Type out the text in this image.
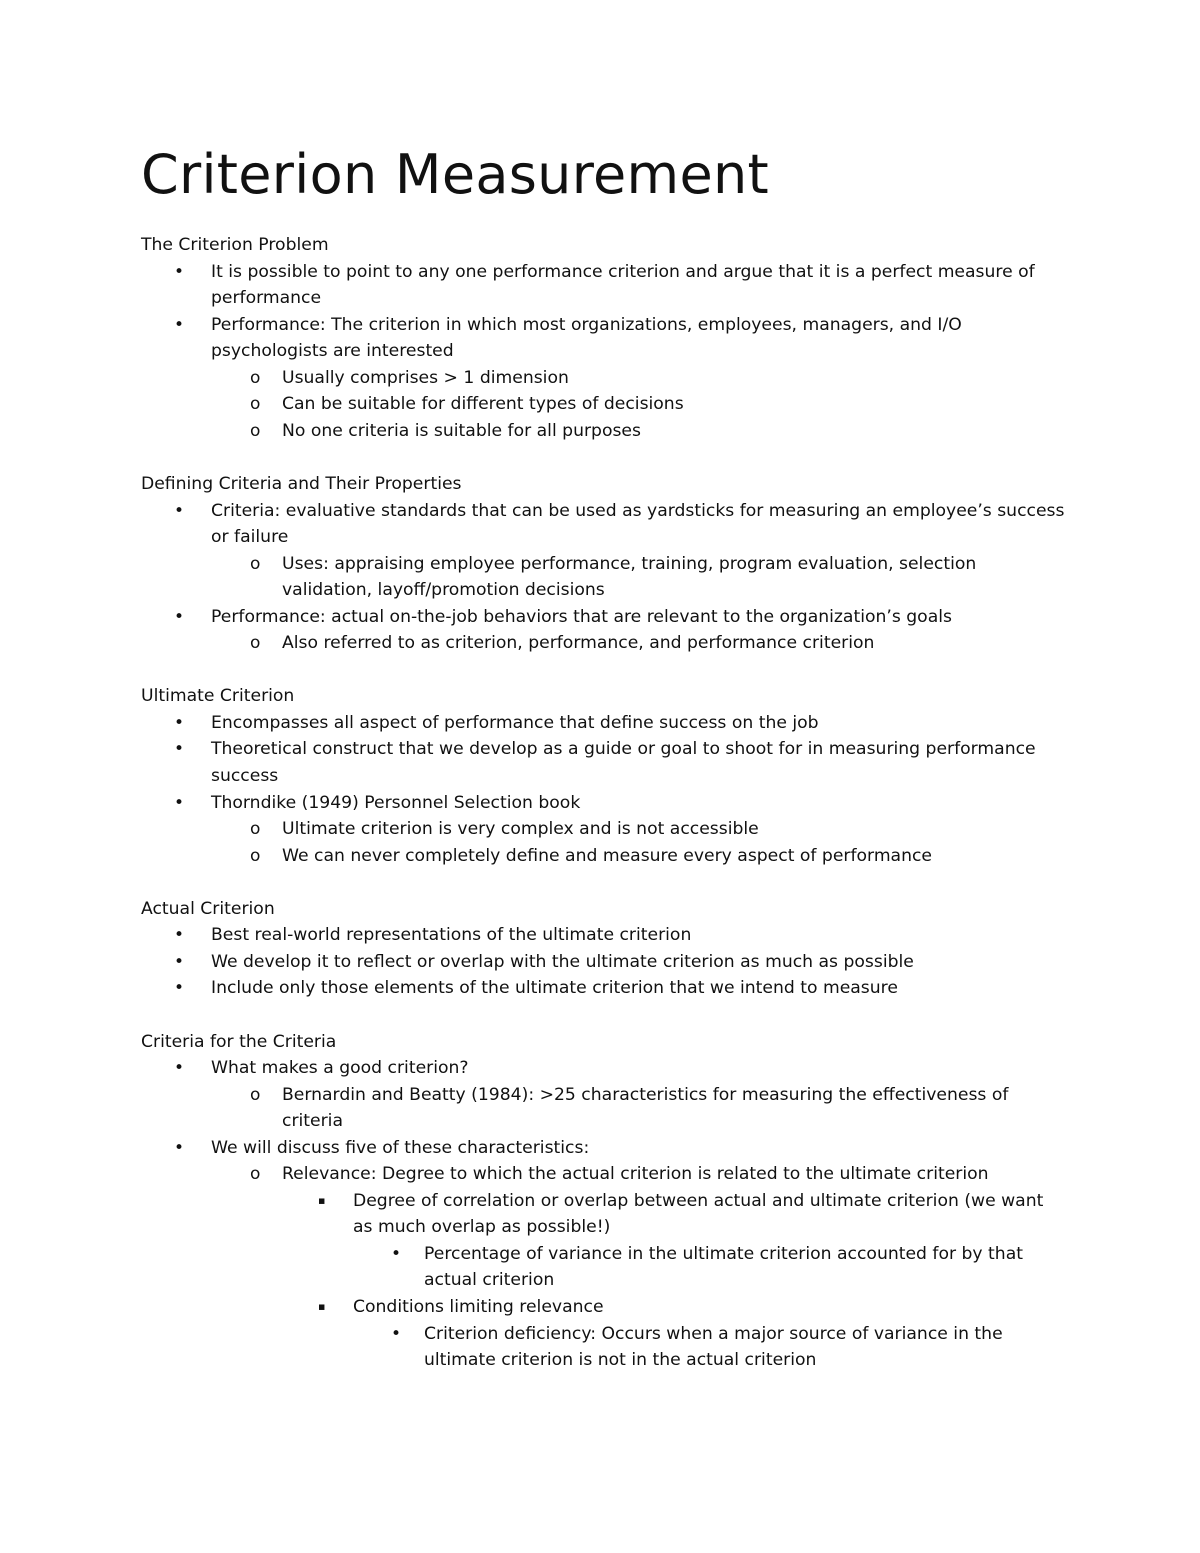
Criterion Measurement
The Criterion Problem
• It is possible to point to any one performance criterion and argue that it is a perfect measure of
performance
• Performance: The criterion in which most organizations, employees, managers, and I/O
psychologists are interested
o Usually comprises > 1 dimension
o Can be suitable for different types of decisions
o No one criteria is suitable for all purposes
Defining Criteria and Their Properties
• Criteria: evaluative standards that can be used as yardsticks for measuring an employee’s success
or failure
o Uses: appraising employee performance, training, program evaluation, selection
validation, layoff/promotion decisions
• Performance: actual on-the-job behaviors that are relevant to the organization’s goals
o Also referred to as criterion, performance, and performance criterion
Ultimate Criterion
• Encompasses all aspect of performance that define success on the job
• Theoretical construct that we develop as a guide or goal to shoot for in measuring performance
success
• Thorndike (1949) Personnel Selection book
o Ultimate criterion is very complex and is not accessible
o We can never completely define and measure every aspect of performance
Actual Criterion
• Best real-world representations of the ultimate criterion
• We develop it to reflect or overlap with the ultimate criterion as much as possible
• Include only those elements of the ultimate criterion that we intend to measure
Criteria for the Criteria
• What makes a good criterion?
o Bernardin and Beatty (1984): >25 characteristics for measuring the effectiveness of
criteria
• We will discuss five of these characteristics:
o Relevance: Degree to which the actual criterion is related to the ultimate criterion
▪ Degree of correlation or overlap between actual and ultimate criterion (we want
as much overlap as possible!)
• Percentage of variance in the ultimate criterion accounted for by that
actual criterion
▪ Conditions limiting relevance
• Criterion deficiency: Occurs when a major source of variance in the
ultimate criterion is not in the actual criterion
